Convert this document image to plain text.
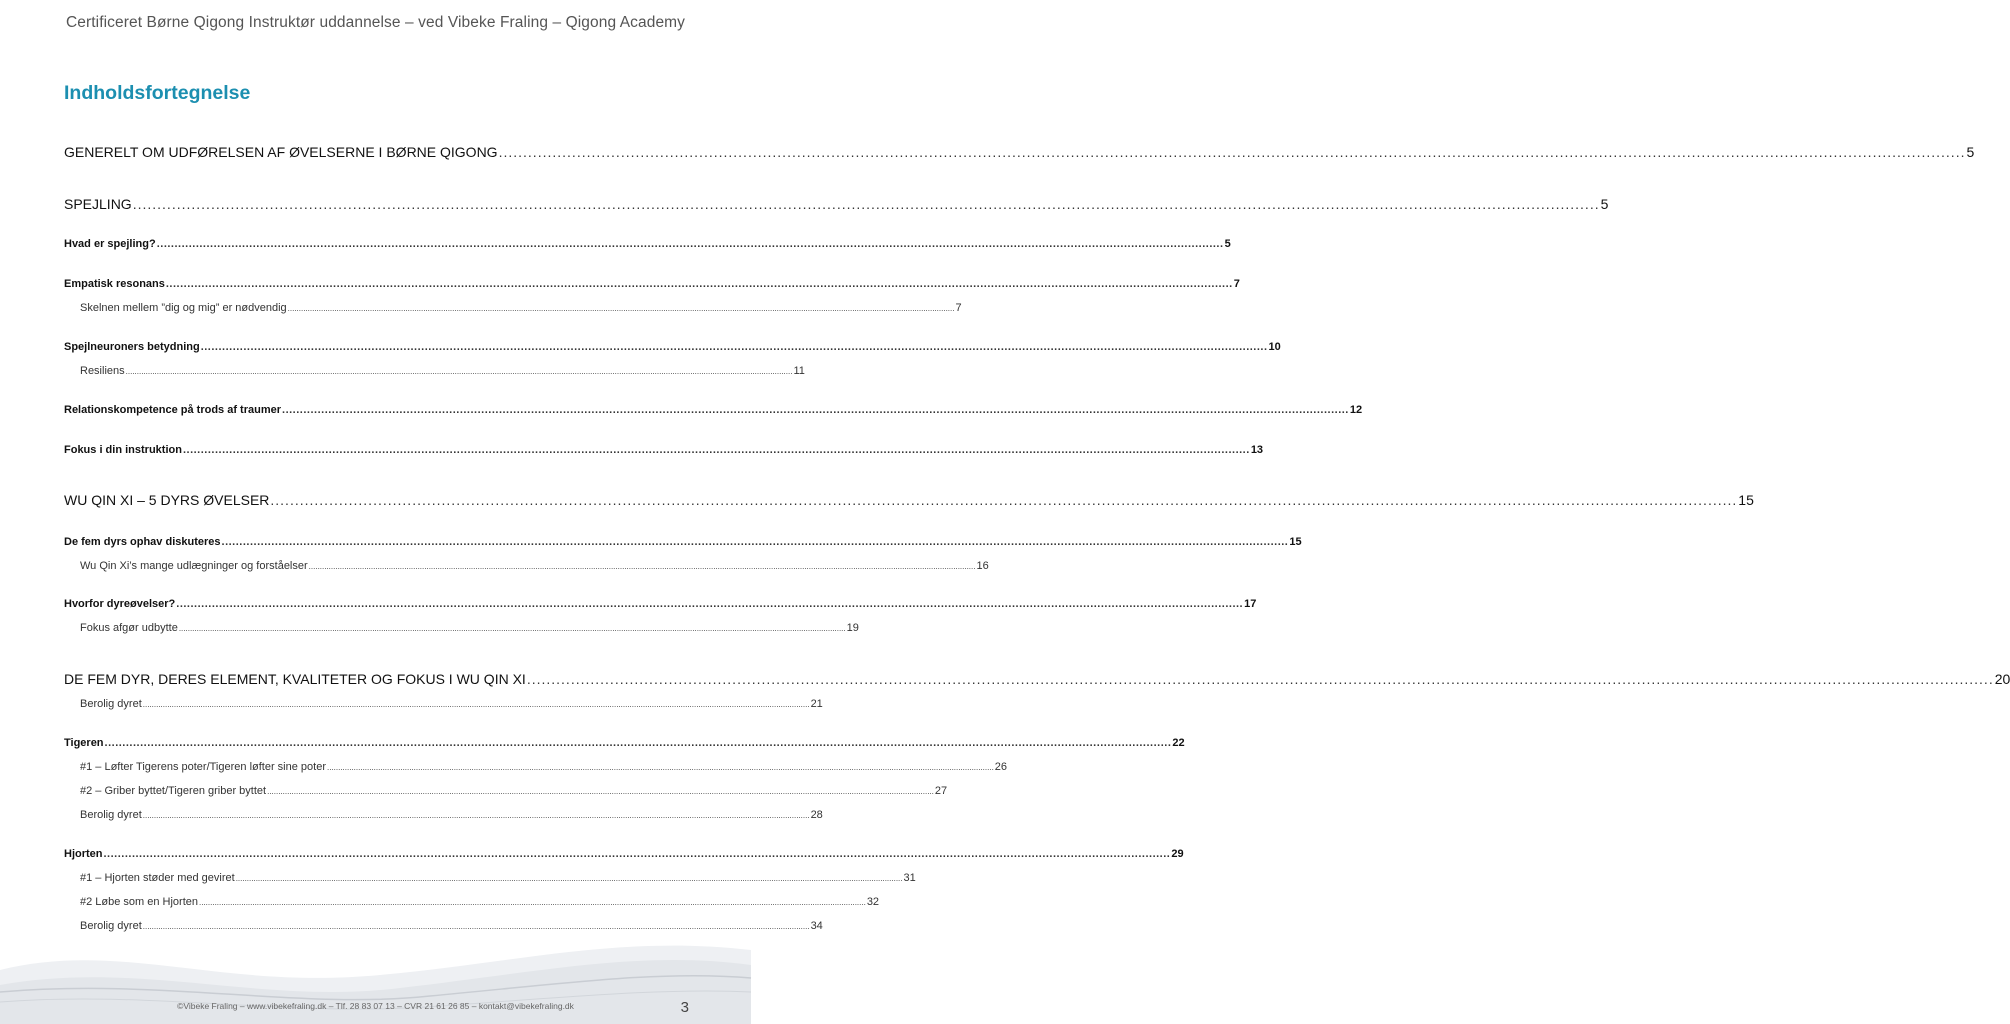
Certificeret Børne Qigong Instruktør uddannelse – ved Vibeke Fraling – Qigong Academy
Indholdsfortegnelse
GENERELT OM UDFØRELSEN AF ØVELSERNE I BØRNE QIGONG ............................................................................................................................................................................................................................................................................................................ 5
SPEJLING ............................................................................................................................................................................................................................................................................................................ 5
Hvad er spejling? ............................................................................................................................................................................................................................................................................................................ 5
Empatisk resonans ............................................................................................................................................................................................................................................................................................................ 7
Skelnen mellem ”dig og mig” er nødvendig ............................................................................................................................................................................................................................................................................................................ 7
Spejlneuroners betydning ............................................................................................................................................................................................................................................................................................................ 10
Resiliens ............................................................................................................................................................................................................................................................................................................ 11
Relationskompetence på trods af traumer ............................................................................................................................................................................................................................................................................................................ 12
Fokus i din instruktion ............................................................................................................................................................................................................................................................................................................ 13
WU QIN XI – 5 DYRS ØVELSER ............................................................................................................................................................................................................................................................................................................ 15
De fem dyrs ophav diskuteres ............................................................................................................................................................................................................................................................................................................ 15
Wu Qin Xi’s mange udlægninger og forståelser ............................................................................................................................................................................................................................................................................................................ 16
Hvorfor dyreøvelser? ............................................................................................................................................................................................................................................................................................................ 17
Fokus afgør udbytte ............................................................................................................................................................................................................................................................................................................ 19
DE FEM DYR, DERES ELEMENT, KVALITETER OG FOKUS I WU QIN XI ............................................................................................................................................................................................................................................................................................................ 20
Berolig dyret ............................................................................................................................................................................................................................................................................................................ 21
Tigeren ............................................................................................................................................................................................................................................................................................................ 22
#1 – Løfter Tigerens poter/Tigeren løfter sine poter ............................................................................................................................................................................................................................................................................................................ 26
#2 – Griber byttet/Tigeren griber byttet ............................................................................................................................................................................................................................................................................................................ 27
Berolig dyret ............................................................................................................................................................................................................................................................................................................ 28
Hjorten ............................................................................................................................................................................................................................................................................................................ 29
#1 – Hjorten støder med geviret ............................................................................................................................................................................................................................................................................................................ 31
#2 Løbe som en Hjorten ............................................................................................................................................................................................................................................................................................................ 32
Berolig dyret ............................................................................................................................................................................................................................................................................................................ 34
©Vibeke Fraling – www.vibekefraling.dk – Tlf. 28 83 07 13 – CVR 21 61 26 85 – kontakt@vibekefraling.dk	3
